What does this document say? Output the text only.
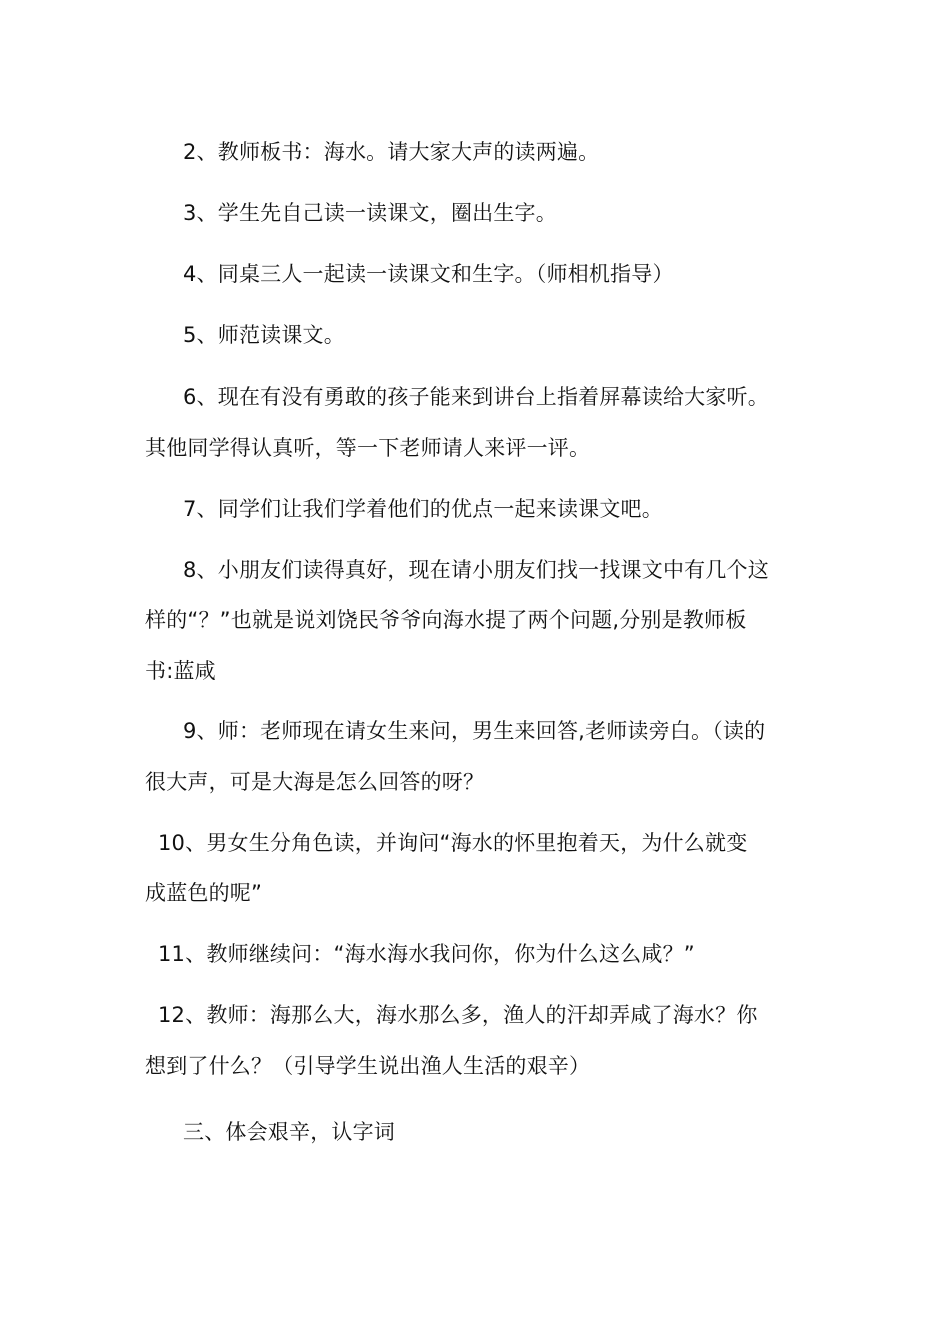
2、教师板书：海水。请大家大声的读两遍。
3、学生先自己读一读课文，圈出生字。
4、同桌三人一起读一读课文和生字。（师相机指导）
5、师范读课文。
6、现在有没有勇敢的孩子能来到讲台上指着屏幕读给大家听。
其他同学得认真听，等一下老师请人来评一评。
7、同学们让我们学着他们的优点一起来读课文吧。
8、小朋友们读得真好，现在请小朋友们找一找课文中有几个这
样的“？”也就是说刘饶民爷爷向海水提了两个问题,分别是教师板
书:蓝咸
9、师：老师现在请女生来问，男生来回答,老师读旁白。（读的
很大声，可是大海是怎么回答的呀？
10、男女生分角色读，并询问“海水的怀里抱着天，为什么就变
成蓝色的呢”
11、教师继续问：“海水海水我问你，你为什么这么咸？”
12、教师：海那么大，海水那么多，渔人的汗却弄咸了海水？你
想到了什么？（引导学生说出渔人生活的艰辛）
三、体会艰辛，认字词
